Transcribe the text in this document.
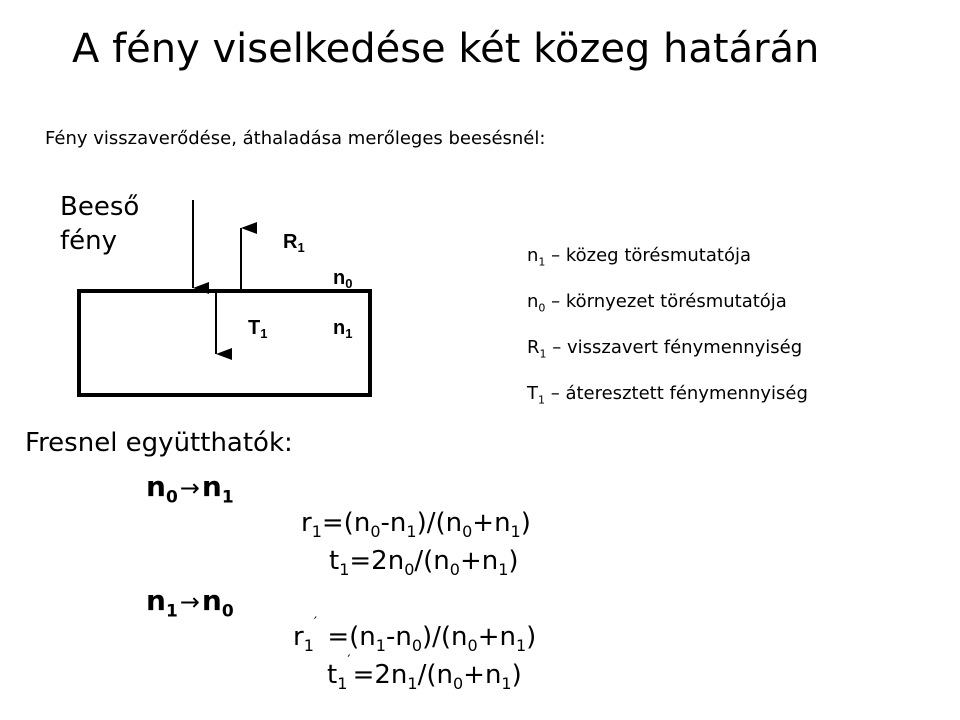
A fény viselkedése két közeg határán
Fény visszaverődése, áthaladása merőleges beesésnél:
Beeső
fény	$R_1$
$n_0$
$T_1$	$n_1$
$n_1$ – közeg törésmutatója
$n_0$ – környezet törésmutatója
$R_1$ – visszavert fénymennyiség
$T_1$ – áteresztett fénymennyiség
Fresnel együtthatók:
$n_0\to n_1$
$r_1=(n_0-n_1)/(n_0+n_1)$
$t_1=2n_0/(n_0+n_1)$
$n_1\to n_0$
$r_1' =(n_1-n_0)/(n_0+n_1)$
$t_1'=2n_1/(n_0+n_1)$
